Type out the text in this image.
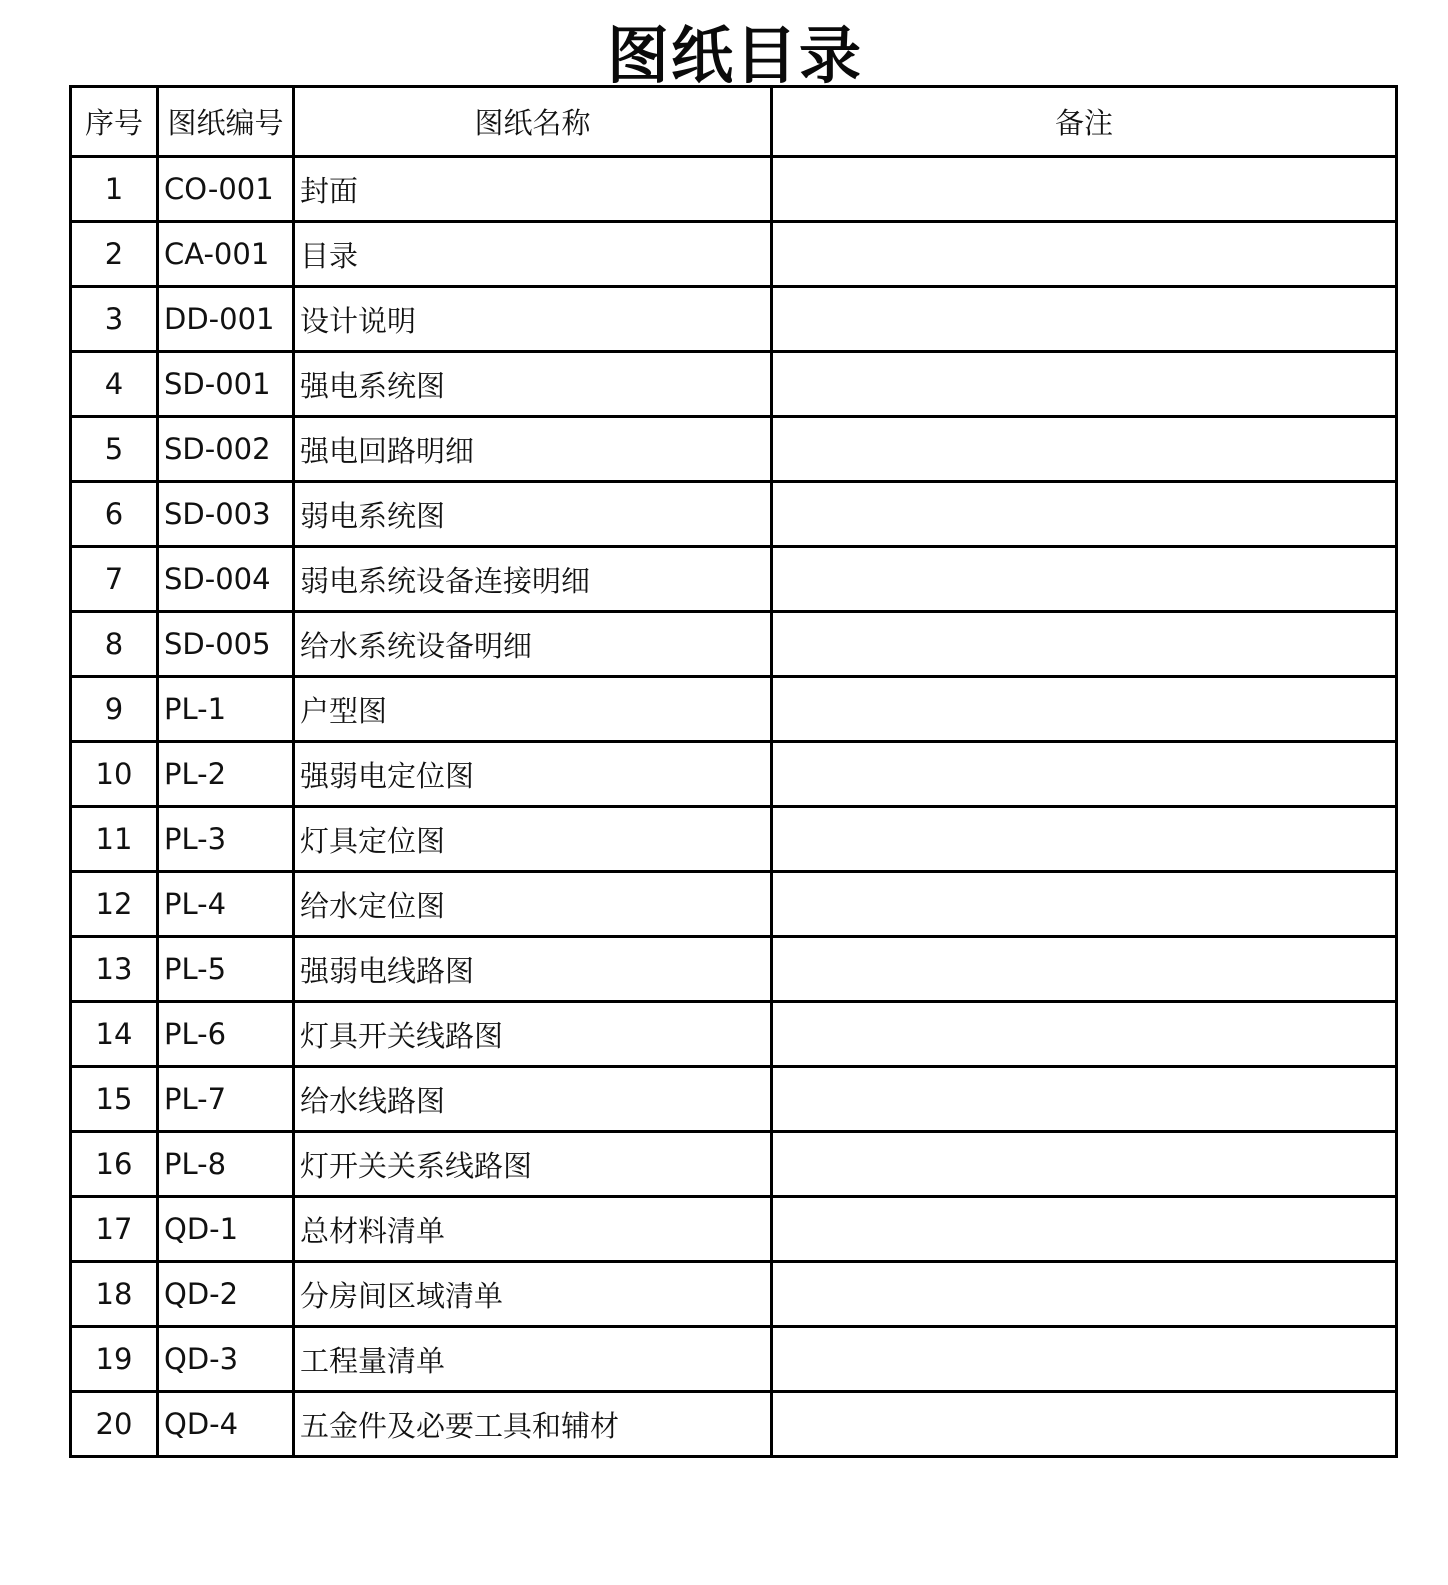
图纸目录
序号	图纸编号	图纸名称	备注
1	CO-001	封面	
2	CA-001	目录	
3	DD-001	设计说明	
4	SD-001	强电系统图	
5	SD-002	强电回路明细	
6	SD-003	弱电系统图	
7	SD-004	弱电系统设备连接明细	
8	SD-005	给水系统设备明细	
9	PL-1	户型图	
10	PL-2	强弱电定位图	
11	PL-3	灯具定位图	
12	PL-4	给水定位图	
13	PL-5	强弱电线路图	
14	PL-6	灯具开关线路图	
15	PL-7	给水线路图	
16	PL-8	灯开关关系线路图	
17	QD-1	总材料清单	
18	QD-2	分房间区域清单	
19	QD-3	工程量清单	
20	QD-4	五金件及必要工具和辅材	
